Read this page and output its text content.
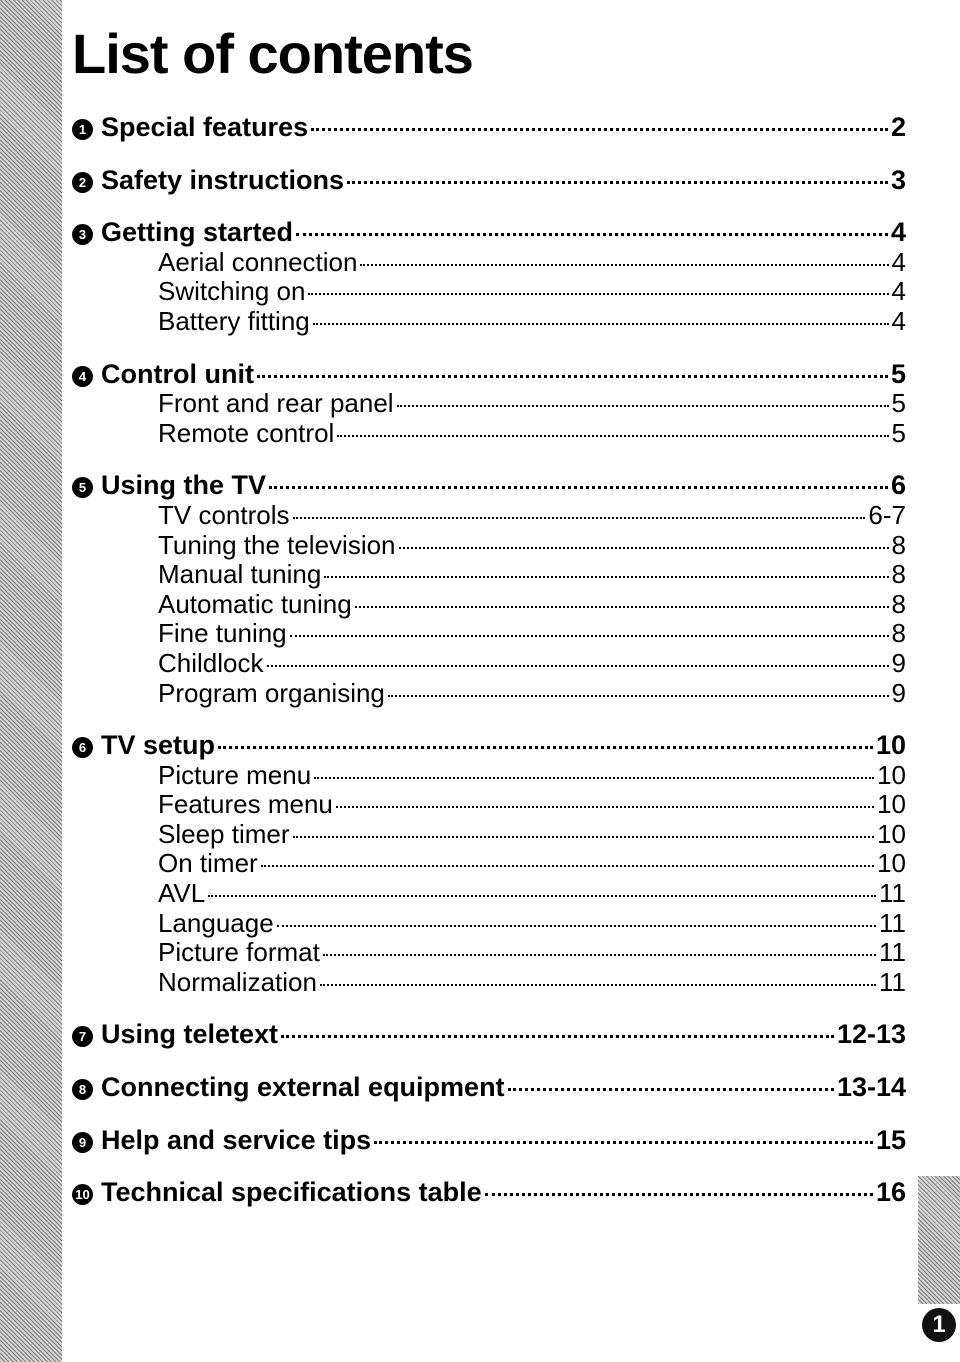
1
List of contents
1 Special features	2
2 Safety instructions	3
3 Getting started	4
Aerial connection	4
Switching on	4
Battery fitting	4
4 Control unit	5
Front and rear panel	5
Remote control	5
5 Using the TV	6
TV controls	6-7
Tuning the television	8
Manual tuning	8
Automatic tuning	8
Fine tuning	8
Childlock	9
Program organising	9
6 TV setup	10
Picture menu	10
Features menu	10
Sleep timer	10
On timer	10
AVL	11
Language	11
Picture format	11
Normalization	11
7 Using teletext	12-13
8 Connecting external equipment	13-14
9 Help and service tips	15
10 Technical specifications table	16
